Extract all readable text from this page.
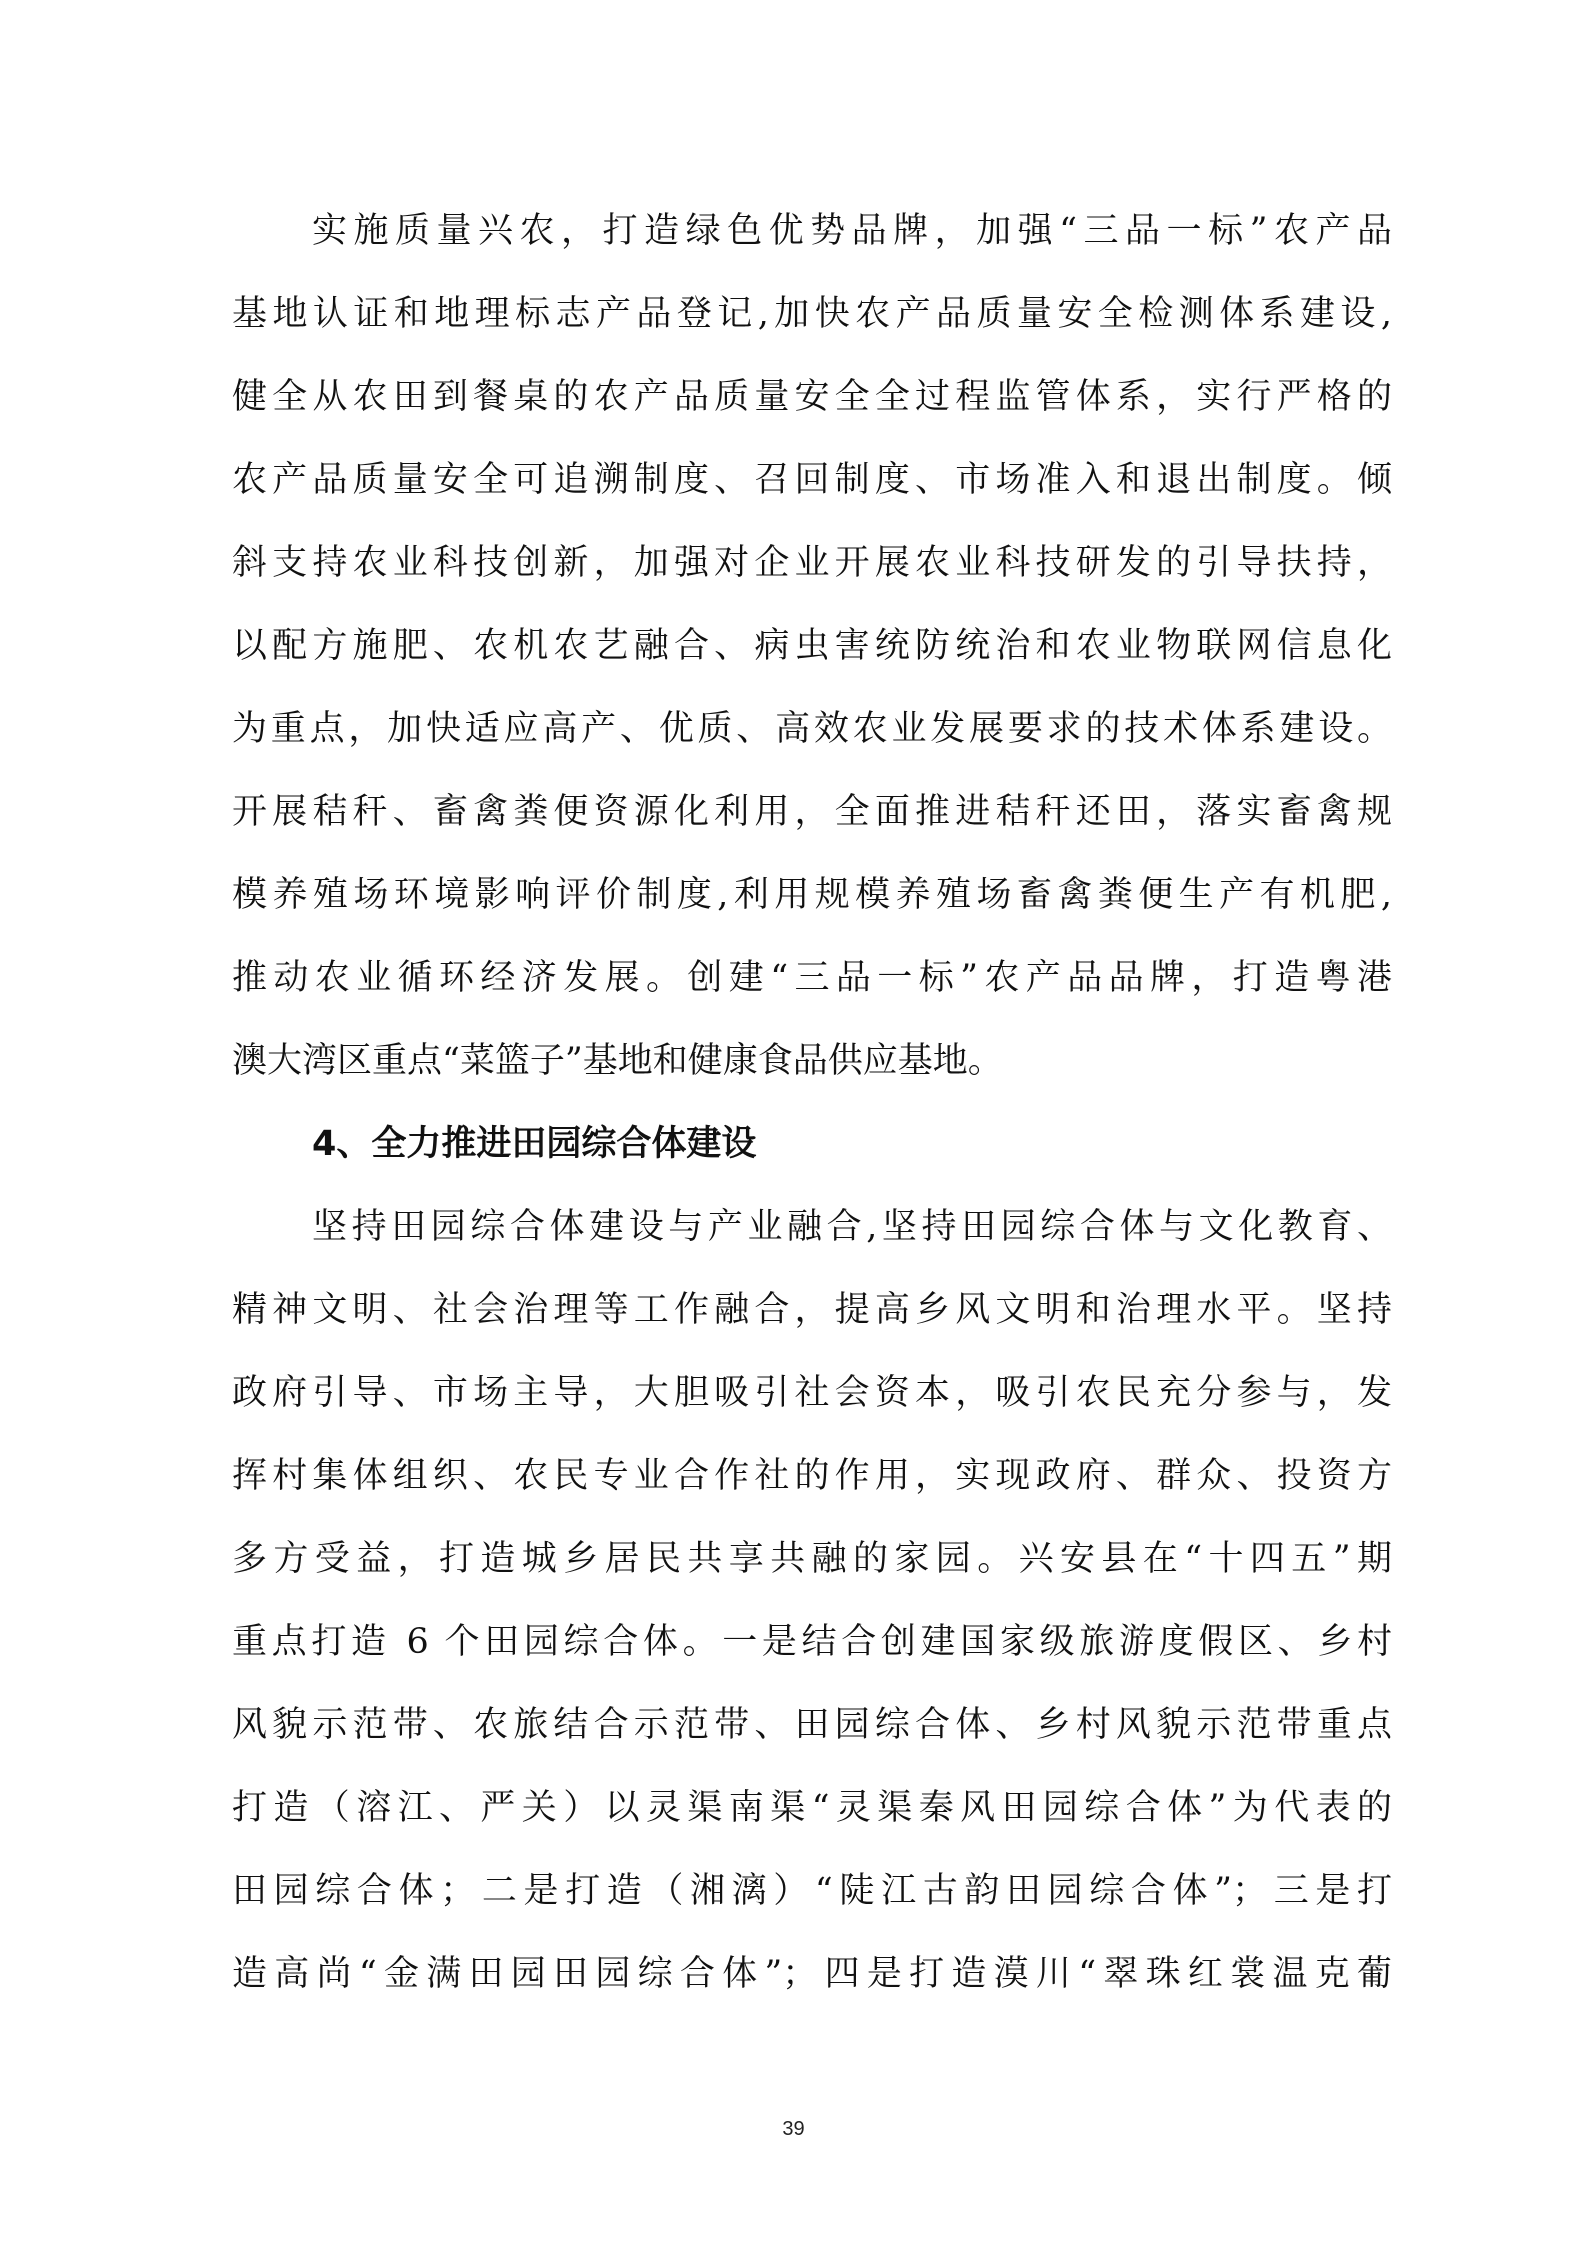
实施质量兴农，打造绿色优势品牌，加强“三品一标”农产品
基地认证和地理标志产品登记,加快农产品质量安全检测体系建设,
健全从农田到餐桌的农产品质量安全全过程监管体系，实行严格的
农产品质量安全可追溯制度、召回制度、市场准入和退出制度。倾
斜支持农业科技创新，加强对企业开展农业科技研发的引导扶持，
以配方施肥、农机农艺融合、病虫害统防统治和农业物联网信息化
为重点，加快适应高产、优质、高效农业发展要求的技术体系建设。
开展秸秆、畜禽粪便资源化利用，全面推进秸秆还田，落实畜禽规
模养殖场环境影响评价制度,利用规模养殖场畜禽粪便生产有机肥,
推动农业循环经济发展。创建“三品一标”农产品品牌，打造粤港
澳大湾区重点“菜篮子”基地和健康食品供应基地。
4、全力推进田园综合体建设
坚持田园综合体建设与产业融合,坚持田园综合体与文化教育、
精神文明、社会治理等工作融合，提高乡风文明和治理水平。坚持
政府引导、市场主导，大胆吸引社会资本，吸引农民充分参与，发
挥村集体组织、农民专业合作社的作用，实现政府、群众、投资方
多方受益，打造城乡居民共享共融的家园。兴安县在“十四五”期
重点打造 6 个田园综合体。一是结合创建国家级旅游度假区、乡村
风貌示范带、农旅结合示范带、田园综合体、乡村风貌示范带重点
打造（溶江、严关）以灵渠南渠“灵渠秦风田园综合体”为代表的
田园综合体；二是打造（湘漓）“陡江古韵田园综合体”；三是打
造高尚“金满田园田园综合体”；四是打造漠川“翠珠红裳温克葡
39
